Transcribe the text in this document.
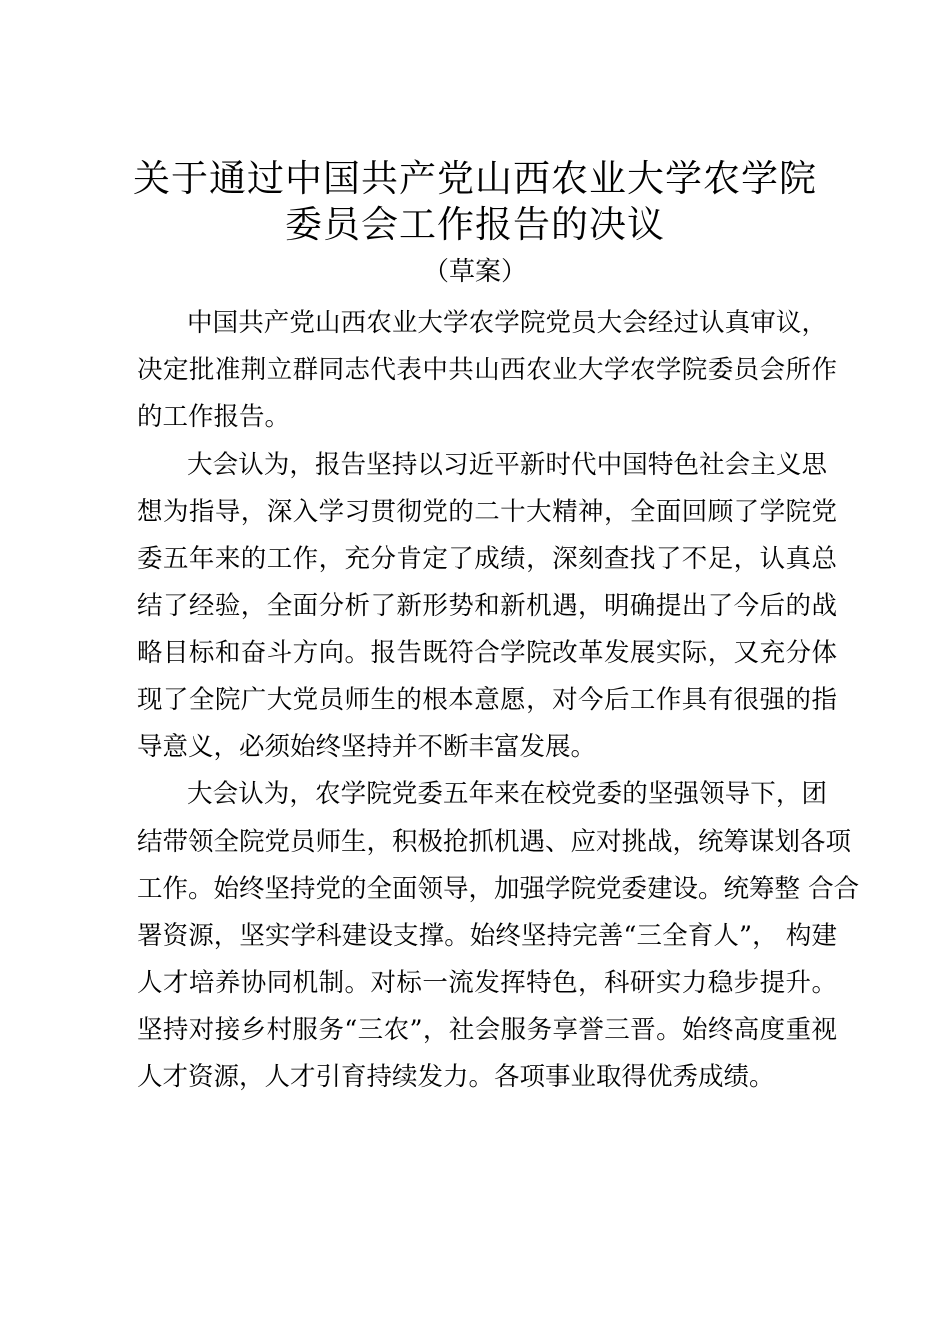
关于通过中国共产党山西农业大学农学院
委员会工作报告的决议
（草案）
中国共产党山西农业大学农学院党员大会经过认真审议，
决定批准荆立群同志代表中共山西农业大学农学院委员会所作
的工作报告。
大会认为，报告坚持以习近平新时代中国特色社会主义思
想为指导，深入学习贯彻党的二十大精神，全面回顾了学院党
委五年来的工作，充分肯定了成绩，深刻查找了不足，认真总
结了经验，全面分析了新形势和新机遇，明确提出了今后的战
略目标和奋斗方向。报告既符合学院改革发展实际，又充分体
现了全院广大党员师生的根本意愿，对今后工作具有很强的指
导意义，必须始终坚持并不断丰富发展。
大会认为，农学院党委五年来在校党委的坚强领导下，团
结带领全院党员师生，积极抢抓机遇、应对挑战，统筹谋划各项
工作。始终坚持党的全面领导，加强学院党委建设。统筹整 合合
署资源，坚实学科建设支撑。始终坚持完善“三全育人”， 构建
人才培养协同机制。对标一流发挥特色，科研实力稳步提升。
坚持对接乡村服务“三农”，社会服务享誉三晋。始终高度重视
人才资源，人才引育持续发力。各项事业取得优秀成绩。
